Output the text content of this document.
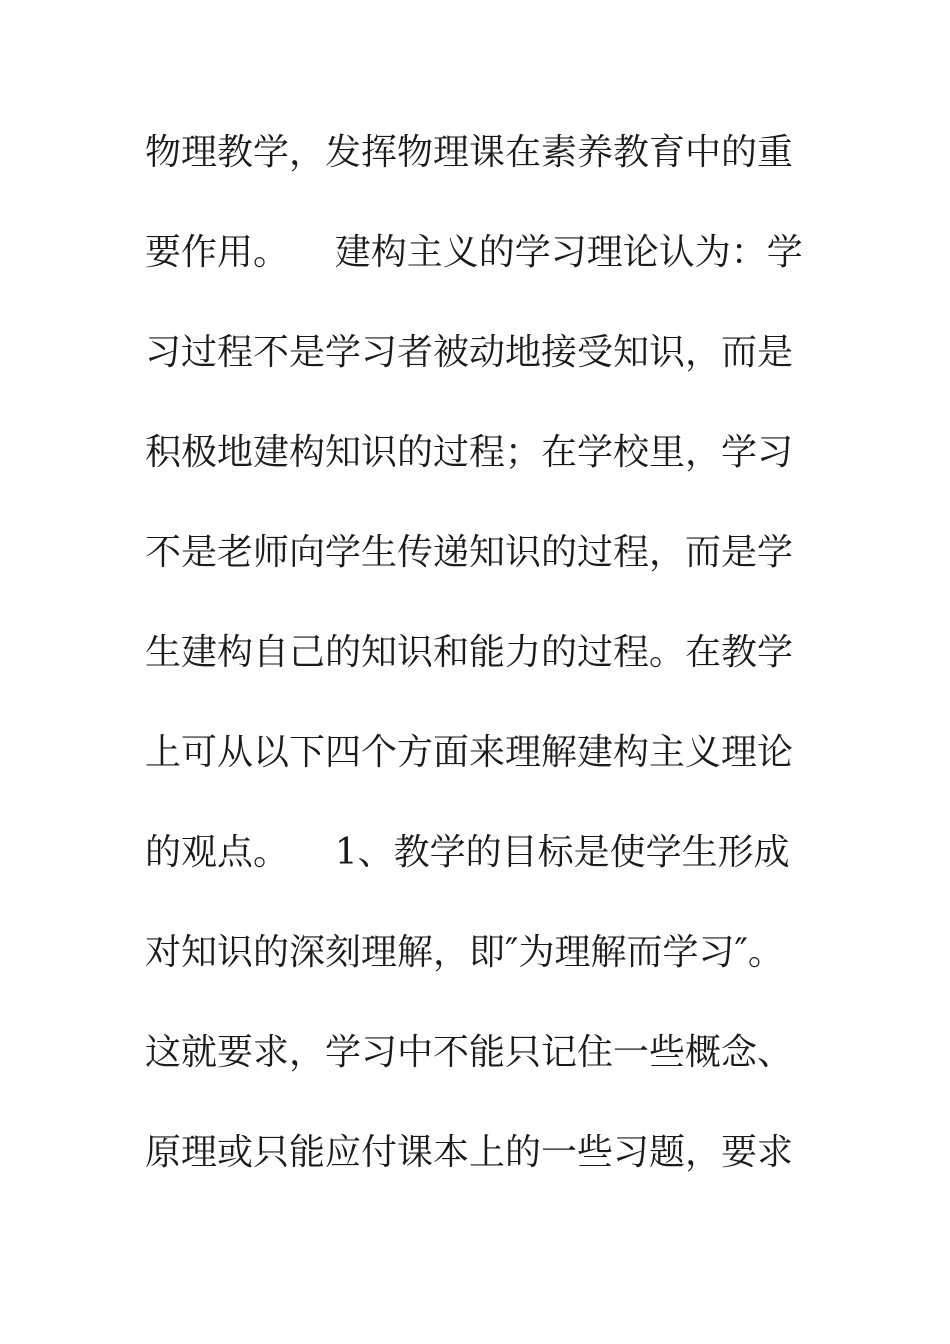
物理教学，发挥物理课在素养教育中的重
要作用。    建构主义的学习理论认为：学
习过程不是学习者被动地接受知识，而是
积极地建构知识的过程；在学校里，学习
不是老师向学生传递知识的过程，而是学
生建构自己的知识和能力的过程。在教学
上可从以下四个方面来理解建构主义理论
的观点。    1、教学的目标是使学生形成
对知识的深刻理解，即″为理解而学习″。
这就要求，学习中不能只记住一些概念、
原理或只能应付课本上的一些习题，要求
